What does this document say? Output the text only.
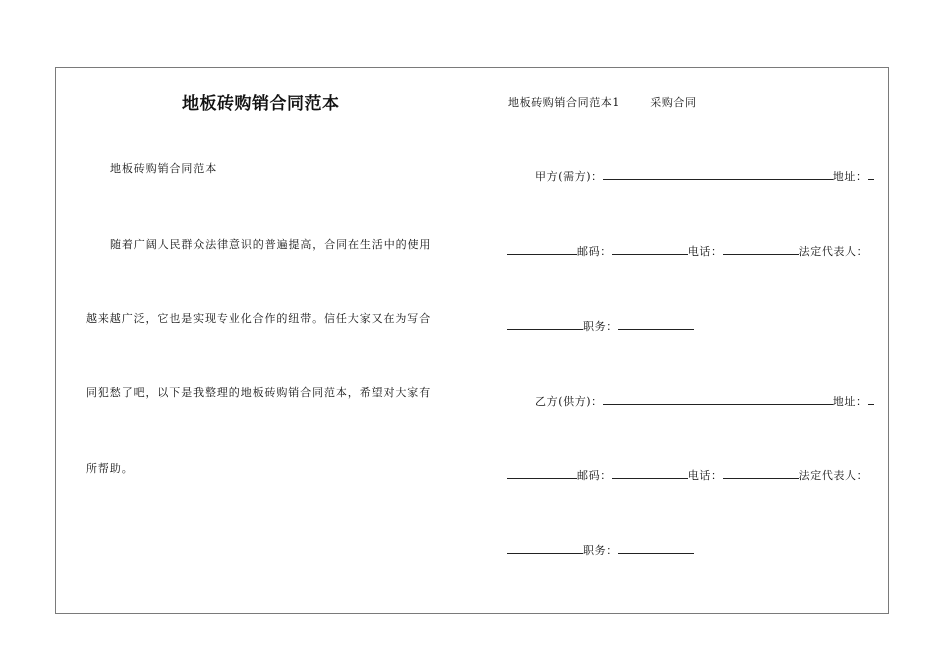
地板砖购销合同范本
地板砖购销合同范本
随着广阔人民群众法律意识的普遍提高，合同在生活中的使用
越来越广泛，它也是实现专业化合作的纽带。信任大家又在为写合
同犯愁了吧，以下是我整理的地板砖购销合同范本，希望对大家有
所帮助。
地板砖购销合同范本1	采购合同
甲方(需方)：	地址：
邮码：	电话：	法定代表人：
职务：
乙方(供方)：	地址：
邮码：	电话：	法定代表人：
职务：
